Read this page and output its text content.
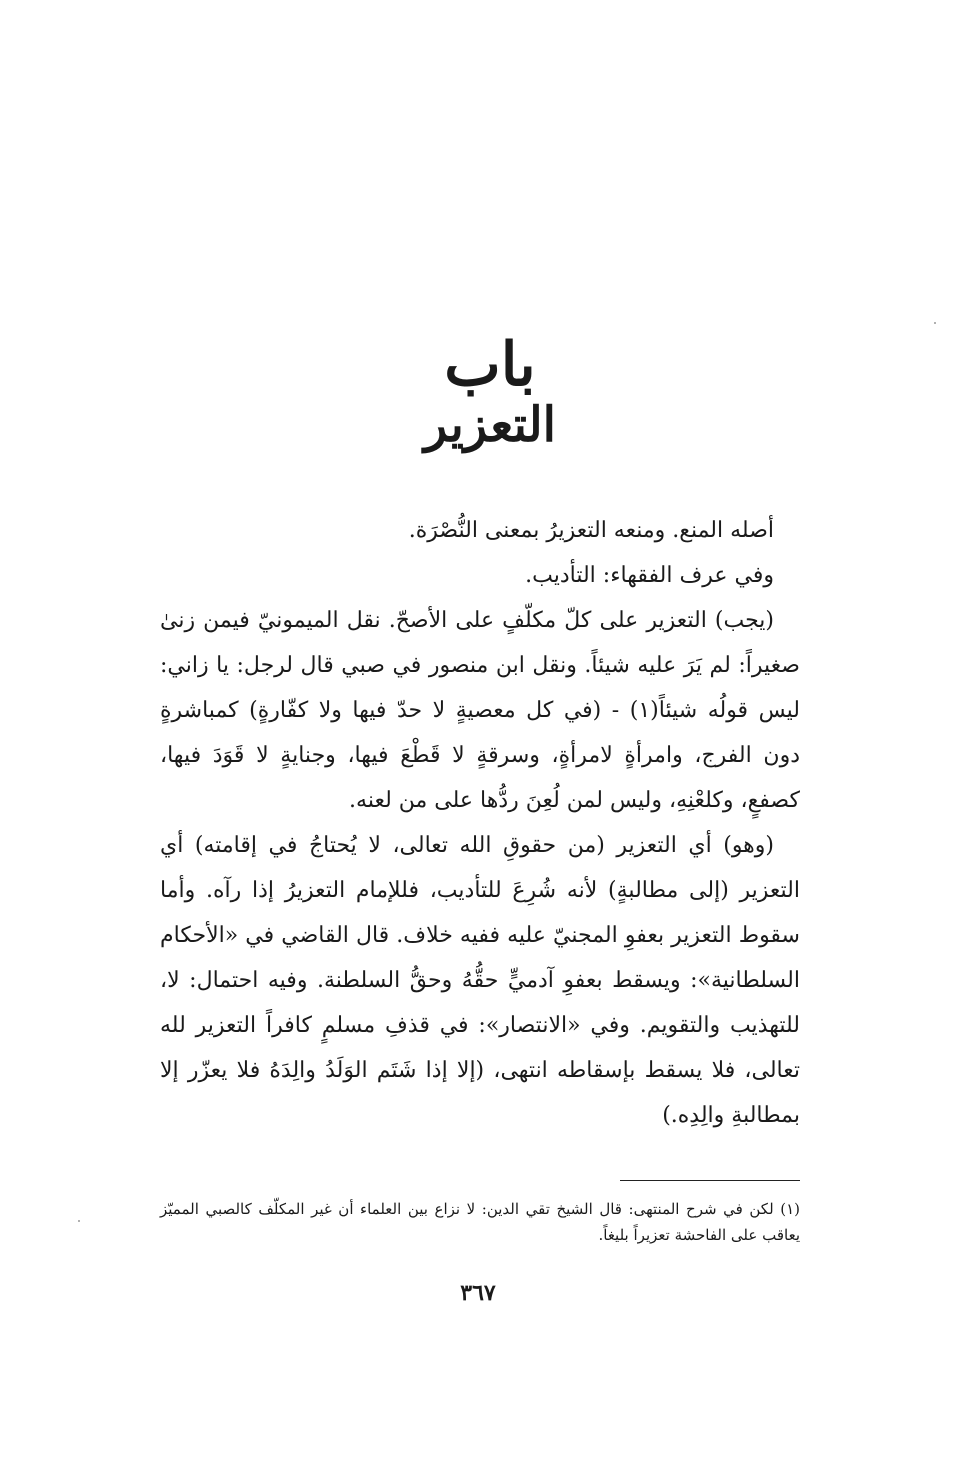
باب
التعزير

أصله المنع. ومنعه التعزيرُ بمعنى النُّصْرَة.

وفي عرف الفقهاء: التأديب.

(يجب) التعزير على كلّ مكلّفٍ على الأصحّ. نقل الميمونيّ فيمن زنىٰ صغيراً: لم يَرَ عليه شيئاً. ونقل ابن منصور في صبي قال لرجل: يا زاني: ليس قولُه شيئاً(١) - (في كل معصيةٍ لا حدّ فيها ولا كفّارةٍ) كمباشرةٍ دون الفرج، وامرأةٍ لامرأةٍ، وسرقةٍ لا قَطْعَ فيها، وجنايةٍ لا قَوَدَ فيها، كصفعٍ، وكلعْنِهِ، وليس لمن لُعِنَ ردُّها على من لعنه.

(وهو) أي التعزير (من حقوقِ الله تعالى، لا يُحتاجُ في إقامته) أي التعزير (إلى مطالبةٍ) لأنه شُرِعَ للتأديب، فللإمام التعزيرُ إذا رآه. وأما سقوط التعزير بعفوِ المجنيّ عليه ففيه خلاف. قال القاضي في «الأحكام السلطانية»: ويسقط بعفوِ آدميٍّ حقُّهُ وحقُّ السلطنة. وفيه احتمال: لا، للتهذيب والتقويم. وفي «الانتصار»: في قذفِ مسلمٍ كافراً التعزير لله تعالى، فلا يسقط بإسقاطه انتهى، (إلا إذا شَتَم الوَلَدُ والِدَهُ فلا يعزّر إلا بمطالبةِ والِدِه.)

(١) لكن في شرح المنتهى: قال الشيخ تقي الدين: لا نزاع بين العلماء أن غير المكلّف كالصبي المميّز يعاقب على الفاحشة تعزيراً بليغاً.
٣٦٧
